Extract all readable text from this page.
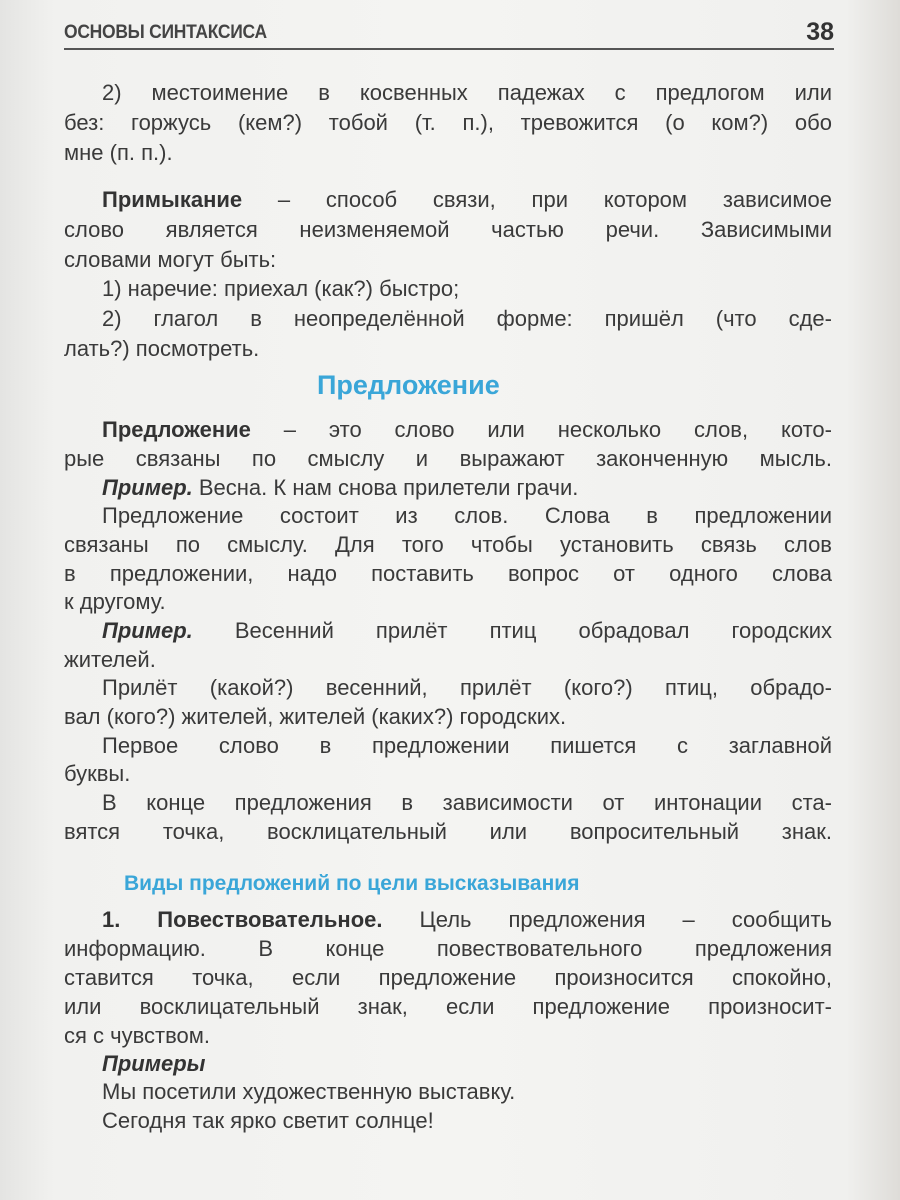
ОСНОВЫ СИНТАКСИСА	38
Предложение
Виды предложений по цели высказывания
2) местоимение в косвенных падежах с предлогом или
без: горжусь (кем?) тобой (т. п.), тревожится (о ком?) обо
мне (п. п.).
Примыкание – способ связи, при котором зависимое
слово является неизменяемой частью речи. Зависимыми
словами могут быть:
1) наречие: приехал (как?) быстро;
2) глагол в неопределённой форме: пришёл (что сде-
лать?) посмотреть.
Предложение – это слово или несколько слов, кото-
рые связаны по смыслу и выражают законченную мысль.
Пример. Весна. К нам снова прилетели грачи.
Предложение состоит из слов. Слова в предложении
связаны по смыслу. Для того чтобы установить связь слов
в предложении, надо поставить вопрос от одного слова
к другому.
Пример. Весенний прилёт птиц обрадовал городских
жителей.
Прилёт (какой?) весенний, прилёт (кого?) птиц, обрадо-
вал (кого?) жителей, жителей (каких?) городских.
Первое слово в предложении пишется с заглавной
буквы.
В конце предложения в зависимости от интонации ста-
вятся точка, восклицательный или вопросительный знак.
1. Повествовательное. Цель предложения – сообщить
информацию. В конце повествовательного предложения
ставится точка, если предложение произносится спокойно,
или восклицательный знак, если предложение произносит-
ся с чувством.
Примеры
Мы посетили художественную выставку.
Сегодня так ярко светит солнце!
